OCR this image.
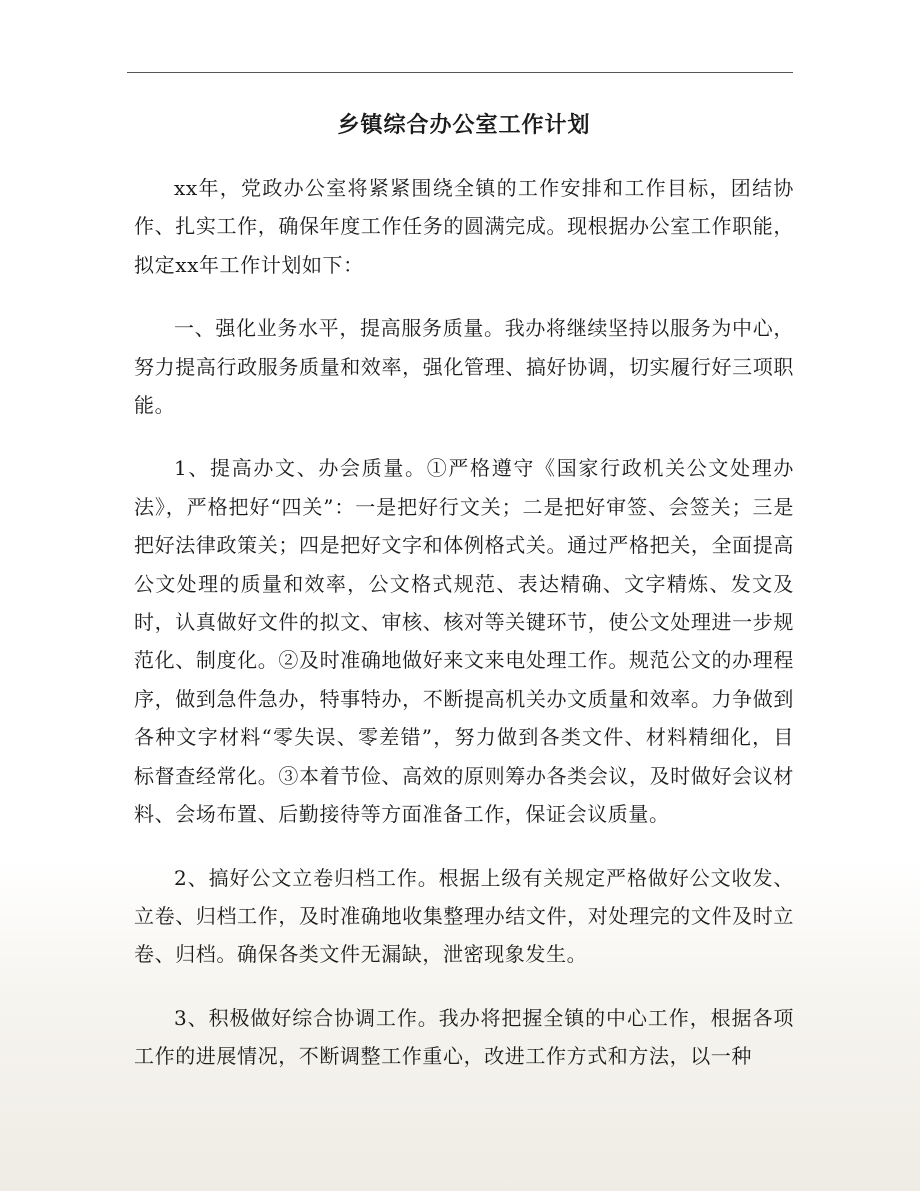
乡镇综合办公室工作计划

xx年，党政办公室将紧紧围绕全镇的工作安排和工作目标，团结协作、扎实工作，确保年度工作任务的圆满完成。现根据办公室工作职能，拟定xx年工作计划如下：

一、强化业务水平，提高服务质量。我办将继续坚持以服务为中心，努力提高行政服务质量和效率，强化管理、搞好协调，切实履行好三项职能。

1、提高办文、办会质量。①严格遵守《国家行政机关公文处理办法》，严格把好“四关”：一是把好行文关；二是把好审签、会签关；三是把好法律政策关；四是把好文字和体例格式关。通过严格把关，全面提高公文处理的质量和效率，公文格式规范、表达精确、文字精炼、发文及时，认真做好文件的拟文、审核、核对等关键环节，使公文处理进一步规范化、制度化。②及时准确地做好来文来电处理工作。规范公文的办理程序，做到急件急办，特事特办，不断提高机关办文质量和效率。力争做到各种文字材料“零失误、零差错”，努力做到各类文件、材料精细化，目标督查经常化。③本着节俭、高效的原则筹办各类会议，及时做好会议材料、会场布置、后勤接待等方面准备工作，保证会议质量。

2、搞好公文立卷归档工作。根据上级有关规定严格做好公文收发、立卷、归档工作，及时准确地收集整理办结文件，对处理完的文件及时立卷、归档。确保各类文件无漏缺，泄密现象发生。

3、积极做好综合协调工作。我办将把握全镇的中心工作，根据各项工作的进展情况，不断调整工作重心，改进工作方式和方法，以一种
